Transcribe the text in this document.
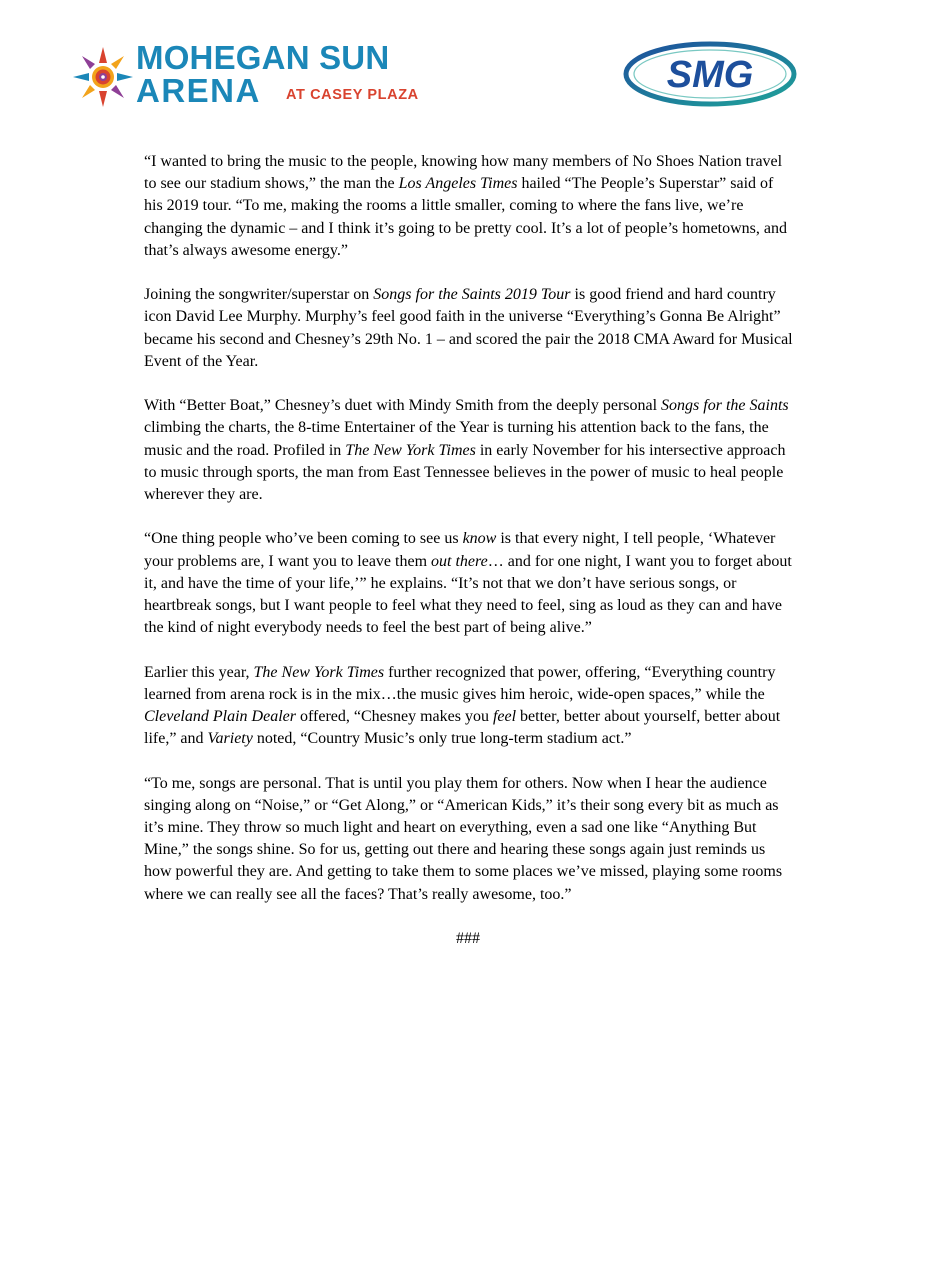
MOHEGAN SUN
ARENA AT CASEY PLAZA	SMG

“I wanted to bring the music to the people, knowing how many members of No Shoes Nation travel to see our stadium shows,” the man the Los Angeles Times hailed “The People’s Superstar” said of his 2019 tour. “To me, making the rooms a little smaller, coming to where the fans live, we’re changing the dynamic – and I think it’s going to be pretty cool. It’s a lot of people’s hometowns, and that’s always awesome energy.”

Joining the songwriter/superstar on Songs for the Saints 2019 Tour is good friend and hard country icon David Lee Murphy. Murphy’s feel good faith in the universe “Everything’s Gonna Be Alright” became his second and Chesney’s 29th No. 1 – and scored the pair the 2018 CMA Award for Musical Event of the Year.

With “Better Boat,” Chesney’s duet with Mindy Smith from the deeply personal Songs for the Saints climbing the charts, the 8-time Entertainer of the Year is turning his attention back to the fans, the music and the road. Profiled in The New York Times in early November for his intersective approach to music through sports, the man from East Tennessee believes in the power of music to heal people wherever they are.

“One thing people who’ve been coming to see us know is that every night, I tell people, ‘Whatever your problems are, I want you to leave them out there… and for one night, I want you to forget about it, and have the time of your life,’” he explains. “It’s not that we don’t have serious songs, or heartbreak songs, but I want people to feel what they need to feel, sing as loud as they can and have the kind of night everybody needs to feel the best part of being alive.”

Earlier this year, The New York Times further recognized that power, offering, “Everything country learned from arena rock is in the mix…the music gives him heroic, wide-open spaces,” while the Cleveland Plain Dealer offered, “Chesney makes you feel better, better about yourself, better about life,” and Variety noted, “Country Music’s only true long-term stadium act.”

“To me, songs are personal. That is until you play them for others. Now when I hear the audience singing along on “Noise,” or “Get Along,” or “American Kids,” it’s their song every bit as much as it’s mine. They throw so much light and heart on everything, even a sad one like “Anything But Mine,” the songs shine. So for us, getting out there and hearing these songs again just reminds us how powerful they are. And getting to take them to some places we’ve missed, playing some rooms where we can really see all the faces? That’s really awesome, too.”

###
